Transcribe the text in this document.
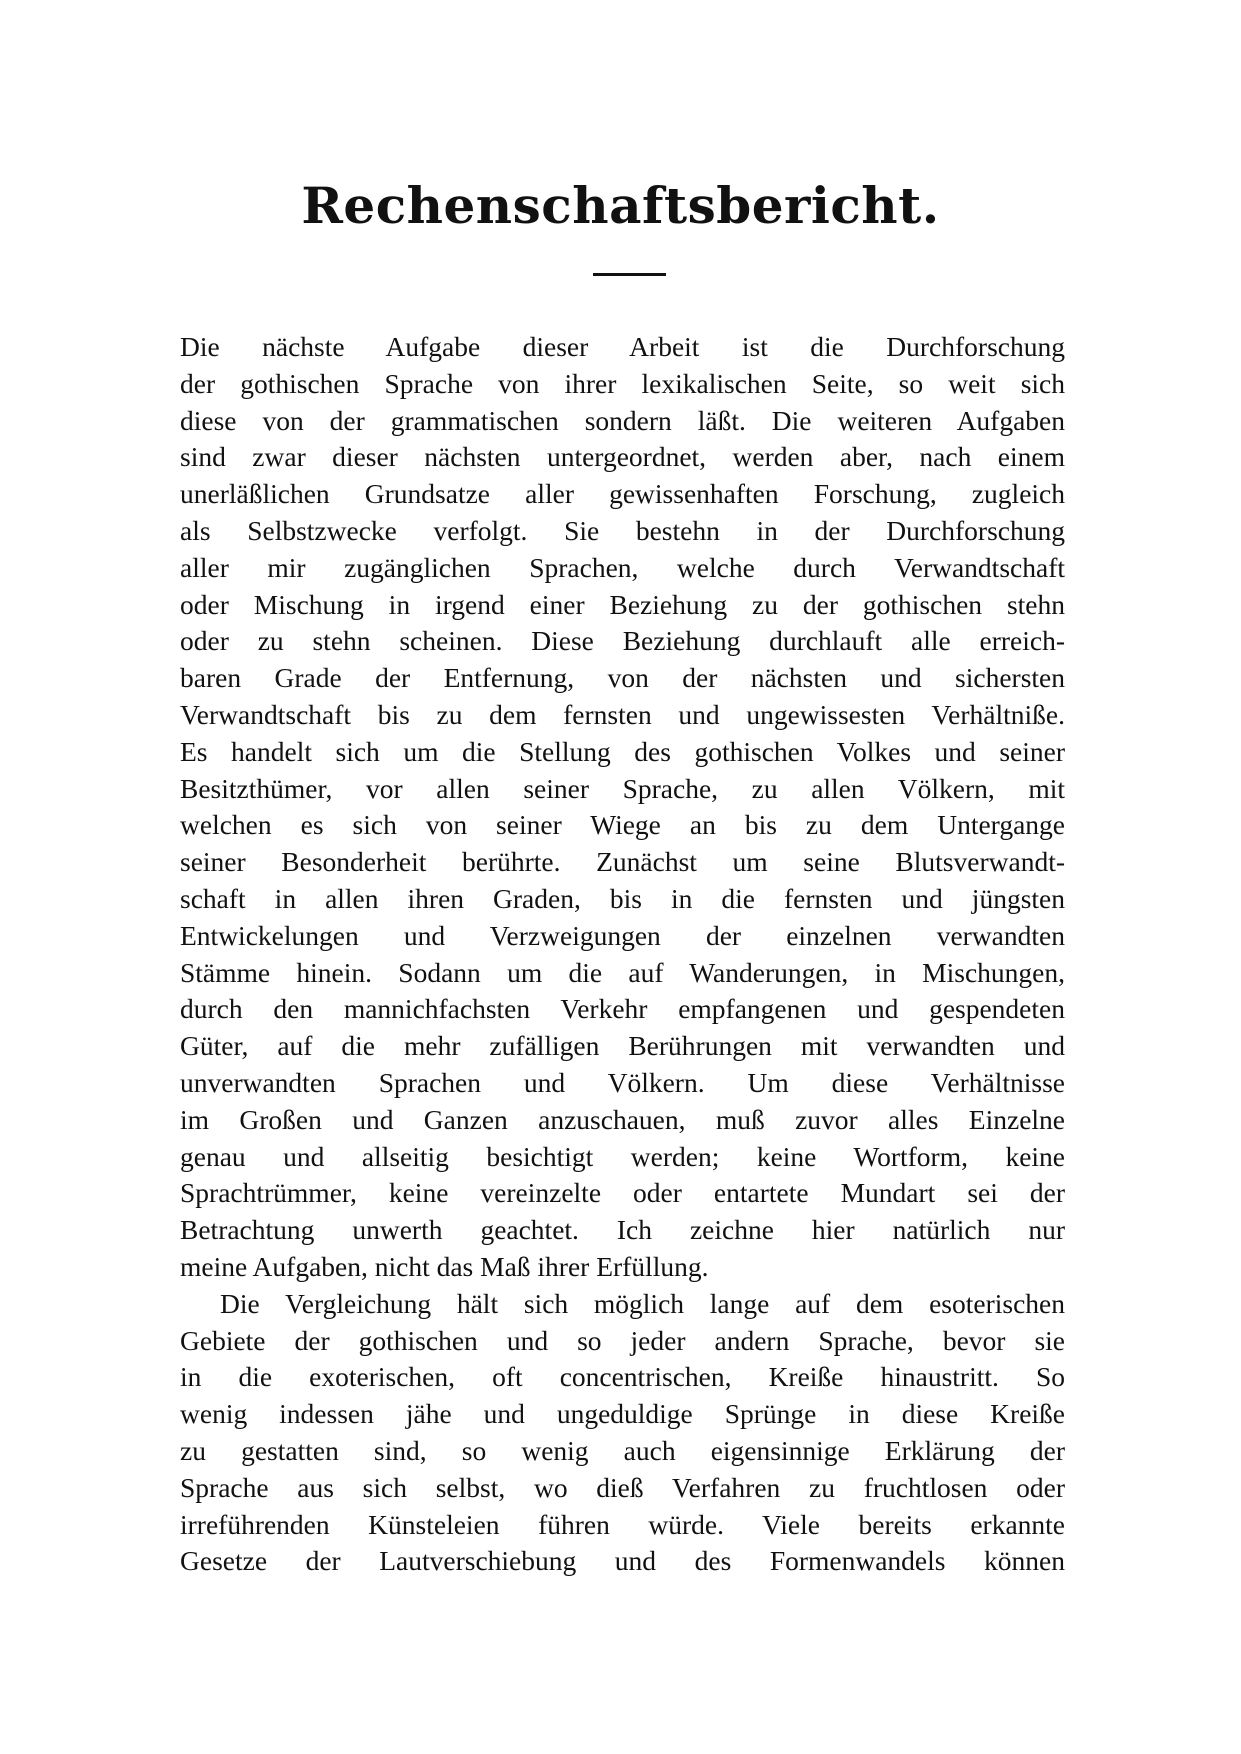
Rechenschaftsbericht.
Die nächste Aufgabe dieser Arbeit ist die Durchforschung
der gothischen Sprache von ihrer lexikalischen Seite, so weit sich
diese von der grammatischen sondern läßt. Die weiteren Aufgaben
sind zwar dieser nächsten untergeordnet, werden aber, nach einem
unerläßlichen Grundsatze aller gewissenhaften Forschung, zugleich
als Selbstzwecke verfolgt. Sie bestehn in der Durchforschung
aller mir zugänglichen Sprachen, welche durch Verwandtschaft
oder Mischung in irgend einer Beziehung zu der gothischen stehn
oder zu stehn scheinen. Diese Beziehung durchlauft alle erreich-
baren Grade der Entfernung, von der nächsten und sichersten
Verwandtschaft bis zu dem fernsten und ungewissesten Verhältniße.
Es handelt sich um die Stellung des gothischen Volkes und seiner
Besitzthümer, vor allen seiner Sprache, zu allen Völkern, mit
welchen es sich von seiner Wiege an bis zu dem Untergange
seiner Besonderheit berührte. Zunächst um seine Blutsverwandt-
schaft in allen ihren Graden, bis in die fernsten und jüngsten
Entwickelungen und Verzweigungen der einzelnen verwandten
Stämme hinein. Sodann um die auf Wanderungen, in Mischungen,
durch den mannichfachsten Verkehr empfangenen und gespendeten
Güter, auf die mehr zufälligen Berührungen mit verwandten und
unverwandten Sprachen und Völkern. Um diese Verhältnisse
im Großen und Ganzen anzuschauen, muß zuvor alles Einzelne
genau und allseitig besichtigt werden; keine Wortform, keine
Sprachtrümmer, keine vereinzelte oder entartete Mundart sei der
Betrachtung unwerth geachtet. Ich zeichne hier natürlich nur
meine Aufgaben, nicht das Maß ihrer Erfüllung.
Die Vergleichung hält sich möglich lange auf dem esoterischen
Gebiete der gothischen und so jeder andern Sprache, bevor sie
in die exoterischen, oft concentrischen, Kreiße hinaustritt. So
wenig indessen jähe und ungeduldige Sprünge in diese Kreiße
zu gestatten sind, so wenig auch eigensinnige Erklärung der
Sprache aus sich selbst, wo dieß Verfahren zu fruchtlosen oder
irreführenden Künsteleien führen würde. Viele bereits erkannte
Gesetze der Lautverschiebung und des Formenwandels können
